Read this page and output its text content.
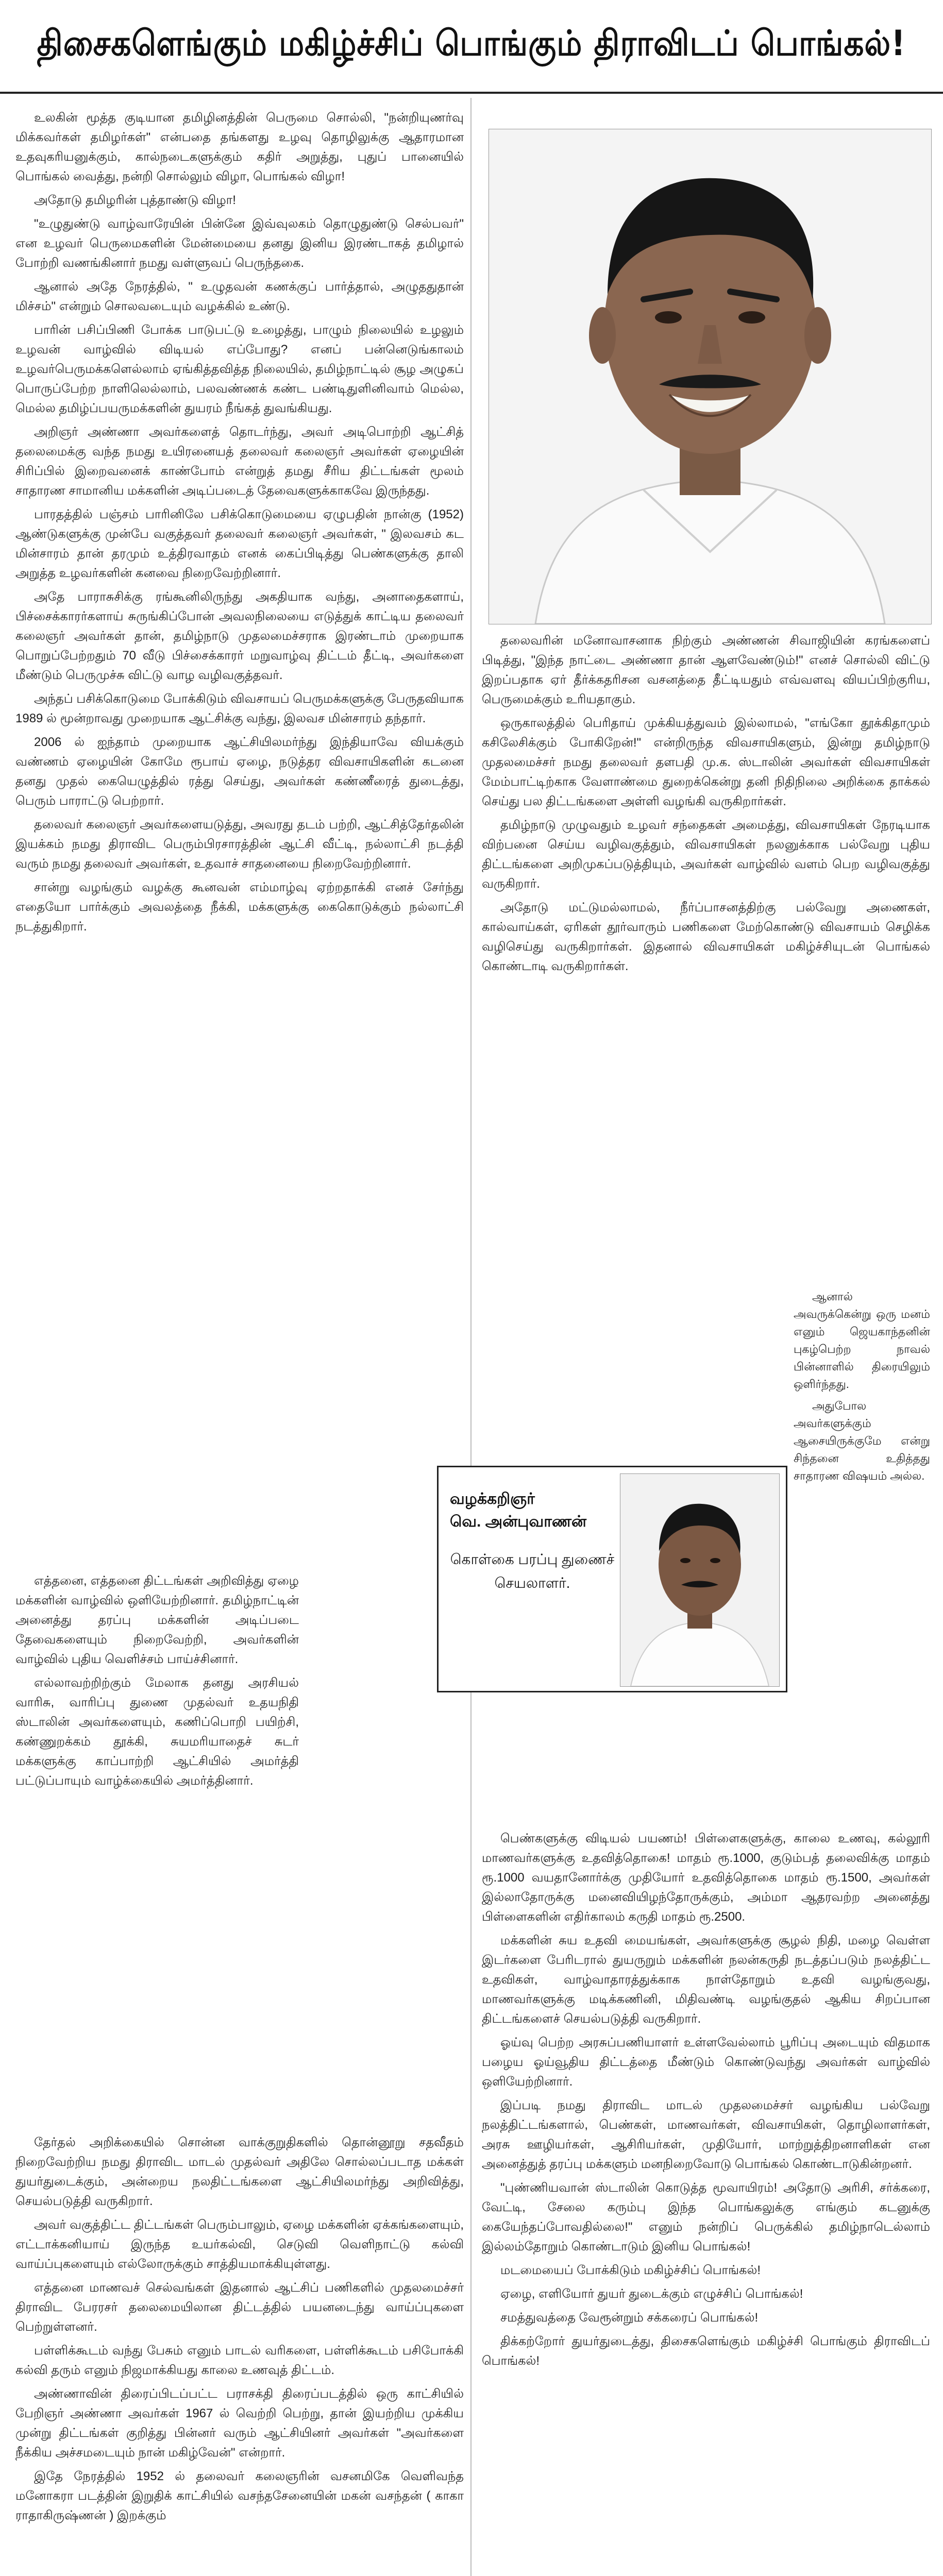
திசைகளெங்கும் மகிழ்ச்சிப் பொங்கும் திராவிடப் பொங்கல்!

உலகின் மூத்த குடியான தமிழினத்தின் பெருமை சொல்லி, "நன்றியுணர்வு மிக்கவர்கள் தமிழர்கள்" என்பதை தங்களது உழவு தொழிலுக்கு ஆதாரமான உதவுகரியனுக்கும், கால்நடைகளுக்கும் கதிர் அறுத்து, புதுப் பானையில் பொங்கல் வைத்து, நன்றி சொல்லும் விழா, பொங்கல் விழா!

அதோடு தமிழரின் புத்தாண்டு விழா!

"உழுதுண்டு வாழ்வாரேயின் பின்னே இவ்வுலகம் தொழுதுண்டு செல்பவர்" என உழவர் பெருமைகளின் மேன்மையை தனது இனிய இரண்டாகத் தமிழால் போற்றி வணங்கினார் நமது வள்ளுவப் பெருந்தகை.

ஆனால் அதே நேரத்தில், " உழுதவன் கணக்குப் பார்த்தால், அழுததுதான் மிச்சம்" என்றும் சொலவடையும் வழக்கில் உண்டு.

பாரின் பசிப்பிணி போக்க பாடுபட்டு உழைத்து, பாழும் நிலையில் உழலும் உழவன் வாழ்வில் விடியல் எப்போது? எனப் பன்னெடுங்காலம் உழவர்பெருமக்களெல்லாம் ஏங்கித்தவித்த நிலையில், தமிழ்நாட்டில் சூழ அழுகப் பொருப்பேற்ற நாளிலெல்லாம், பலவண்ணக் கண்ட பண்டிதுளினிவாம் மெல்ல, மெல்ல தமிழ்ப்பயருமக்களின் துயரம் நீங்கத் துவங்கியது.

அறிஞர் அண்ணா அவர்களைத் தொடர்ந்து, அவர் அடிபொற்றி ஆட்சித் தலைமைக்கு வந்த நமது உயிரனையத் தலைவர் கலைஞர் அவர்கள் ஏழையின் சிரிப்பில் இறைவனைக் காண்போம் என்றுத் தமது சீரிய திட்டங்கள் மூலம் சாதாரண சாமானிய மக்களின் அடிப்படைத் தேவைகளுக்காகவே இருந்தது.

பாரதத்தில் பஞ்சம் பாரினிலே பசிக்கொடுமையை ஏழுபதின் நான்கு (1952) ஆண்டுகளுக்கு முன்பே வகுத்தவர் தலைவர் கலைஞர் அவர்கள், " இலவசம் கட மின்சாரம் தான் தரமும் உத்திரவாதம் எனக் கைப்பிடித்து பெண்களுக்கு தாலி அறுத்த உழவர்களின் கனவை நிறைவேற்றினார்.

அதே பாராசுசிக்கு ரங்கூனிலிருந்து அகதியாக வந்து, அனாதைகளாய், பிச்சைக்காரர்களாய் சுருங்கிப்போன் அவலநிலையை எடுத்துக் காட்டிய தலைவர் கலைஞர் அவர்கள் தான், தமிழ்நாடு முதலமைச்சராக இரண்டாம் முறையாக பொறுப்பேற்றதும் 70 வீடு பிச்சைக்காரர் மறுவாழ்வு திட்டம் தீட்டி, அவர்களை மீண்டும் பெருமுச்சு விட்டு வாழ வழிவகுத்தவர்.

அந்தப் பசிக்கொடுமை போக்கிடும் விவசாயப் பெருமக்களுக்கு பேருதவியாக 1989 ல் மூன்றாவது முறையாக ஆட்சிக்கு வந்து, இலவச மின்சாரம் தந்தார்.

2006 ல் ஐந்தாம் முறையாக ஆட்சியிலமர்ந்து இந்தியாவே வியக்கும் வண்ணம் ஏழையின் கோமே ரூபாய் ஏழை, நடுத்தர விவசாயிகளின் கடனை தனது முதல் கையெழுத்தில் ரத்து செய்து, அவர்கள் கண்ணீரைத் துடைத்து, பெரும் பாராட்டு பெற்றார்.

தலைவர் கலைஞர் அவர்களையடுத்து, அவரது தடம் பற்றி, ஆட்சித்தேர்தலின் இயக்கம் நமது திராவிட பெரும்பிரசாரத்தின் ஆட்சி வீட்டி, நல்லாட்சி நடத்தி வரும் நமது தலைவர் அவர்கள், உதவாச் சாதனையை நிறைவேற்றினார்.

சான்று வழங்கும் வழக்கு கூனவன் எம்மாழ்வு ஏற்றதாக்கி எனச் சேர்ந்து எதையோ பார்க்கும் அவலத்தை நீக்கி, மக்களுக்கு கைகொடுக்கும் நல்லாட்சி நடத்துகிறார்.

எத்தனை, எத்தனை திட்டங்கள் அறிவித்து ஏழை மக்களின் வாழ்வில் ஒளியேற்றினார். தமிழ்நாட்டின் அனைத்து தரப்பு மக்களின் அடிப்படை தேவைகளையும் நிறைவேற்றி, அவர்களின் வாழ்வில் புதிய வெளிச்சம் பாய்ச்சினார்.

எல்லாவற்றிற்கும் மேலாக தனது அரசியல் வாரிசு, வாரிப்பு துணை முதல்வர் உதயநிதி ஸ்டாலின் அவர்களையும், கணிப்பொறி பயிற்சி, கண்ணுறக்கம் தூக்கி, சுயமரியாதைச் சுடர் மக்களுக்கு காப்பாற்றி ஆட்சியில் அமர்த்தி பட்டுப்பாயும் வாழ்க்கையில் அமர்த்தினார்.

தேர்தல் அறிக்கையில் சொன்ன வாக்குறுதிகளில் தொன்னூறு சதவீதம் நிறைவேற்றிய நமது திராவிட மாடல் முதல்வர் அதிலே சொல்லப்படாத மக்கள் துயர்துடைக்கும், அன்றைய நலதிட்டங்களை ஆட்சியிலமர்ந்து அறிவித்து, செயல்படுத்தி வருகிறார்.

அவர் வகுத்திட்ட திட்டங்கள் பெரும்பாலும், ஏழை மக்களின் ஏக்கங்களையும், எட்டாக்கனியாய் இருந்த உயர்கல்வி, செடுவி வெளிநாட்டு கல்வி வாய்ப்புகளையும் எல்லோருக்கும் சாத்தியமாக்கியுள்ளது.

எத்தனை மாணவச் செல்வங்கள் இதனால் ஆட்சிப் பணிகளில் முதலமைச்சர் திராவிட பேரரசர் தலைமையிலான திட்டத்தில் பயனடைந்து வாய்ப்புகளை பெற்றுள்ளனர்.

பள்ளிக்கூடம் வந்து பேசும் எனும் பாடல் வரிகளை, பள்ளிக்கூடம் பசிபோக்கி கல்வி தரும் எனும் நிஜமாக்கியது காலை உணவுத் திட்டம்.

அண்ணாவின் திரைப்பிடப்பட்ட பராசக்தி திரைப்படத்தில் ஒரு காட்சியில் பேறிஞர் அண்ணா அவர்கள் 1967 ல் வெற்றி பெற்று, தான் இயற்றிய முக்கிய முன்று திட்டங்கள் குறித்து பின்னர் வரும் ஆட்சியினர் அவர்கள் "அவர்களை நீக்கிய அச்சமடையும் நான் மகிழ்வேன்" என்றார்.

இதே நேரத்தில் 1952 ல் தலைவர் கலைஞரின் வசனமிகே வெளிவந்த மனோகரா படத்தின் இறுதிக் காட்சியில் வசந்தசேனையின் மகன் வசந்தன் ( காகா ராதாகிருஷ்ணன் ) இறக்கும்

தலைவரின் மனோவாசனாக நிற்கும் அண்ணன் சிவாஜியின் கரங்களைப் பிடித்து, "இந்த நாட்டை அண்ணா தான் ஆளவேண்டும்!" எனச் சொல்லி விட்டு இறப்பதாக ஏர் தீர்க்கதரிசன வசனத்தை தீட்டியதும் எவ்வளவு வியப்பிற்குரிய, பெருமைக்கும் உரியதாகும்.

ஒருகாலத்தில் பெரிதாய் முக்கியத்துவம் இல்லாமல், "எங்கோ தூக்கிதாமும் கசிலேசிக்கும் போகிறேன்!" என்றிருந்த விவசாயிகளும், இன்று தமிழ்நாடு முதலமைச்சர் நமது தலைவர் தளபதி மு.க. ஸ்டாலின் அவர்கள் விவசாயிகள் மேம்பாட்டிற்காக வேளாண்மை துறைக்கென்று தனி நிதிநிலை அறிக்கை தாக்கல் செய்து பல திட்டங்களை அள்ளி வழங்கி வருகிறார்கள்.

தமிழ்நாடு முழுவதும் உழவர் சந்தைகள் அமைத்து, விவசாயிகள் நேரடியாக விற்பனை செய்ய வழிவகுத்தும், விவசாயிகள் நலனுக்காக பல்வேறு புதிய திட்டங்களை அறிமுகப்படுத்தியும், அவர்கள் வாழ்வில் வளம் பெற வழிவகுத்து வருகிறார்.

அதோடு மட்டுமல்லாமல், நீர்ப்பாசனத்திற்கு பல்வேறு அணைகள், கால்வாய்கள், ஏரிகள் தூர்வாரும் பணிகளை மேற்கொண்டு விவசாயம் செழிக்க வழிசெய்து வருகிறார்கள். இதனால் விவசாயிகள் மகிழ்ச்சியுடன் பொங்கல் கொண்டாடி வருகிறார்கள்.

வழக்கறிஞர்

வெ. அன்புவாணன்

கொள்கை பரப்பு துணைச் செயலாளர்.

ஆனால் அவருக்கென்று ஒரு மனம் எனும் ஜெயகாந்தனின் புகழ்பெற்ற நாவல் பின்னாளில் திரையிலும் ஒளிர்ந்தது.

அதுபோல அவர்களுக்கும் ஆசையிருக்குமே என்று சிந்தனை உதித்தது சாதாரண விஷயம் அல்ல.

பெண்களுக்கு விடியல் பயணம்! பிள்ளைகளுக்கு, காலை உணவு, கல்லூரி மாணவர்களுக்கு உதவித்தொகை! மாதம் ரூ.1000, குடும்பத் தலைவிக்கு மாதம் ரூ.1000 வயதானோர்க்கு முதியோர் உதவித்தொகை மாதம் ரூ.1500, அவர்கள் இல்லாதோருக்கு மனைவியிழந்தோருக்கும், அம்மா ஆதரவற்ற அனைத்து பிள்ளைகளின் எதிர்காலம் கருதி மாதம் ரூ.2500.

மக்களின் சுய உதவி மையங்கள், அவர்களுக்கு சூழல் நிதி, மழை வெள்ள இடர்களை பேரிடரால் துயருறும் மக்களின் நலன்கருதி நடத்தப்படும் நலத்திட்ட உதவிகள், வாழ்வாதாரத்துக்காக நாள்தோறும் உதவி வழங்குவது, மாணவர்களுக்கு மடிக்கணினி, மிதிவண்டி வழங்குதல் ஆகிய சிறப்பான திட்டங்களைச் செயல்படுத்தி வருகிறார்.

ஓய்வு பெற்ற அரசுப்பணியாளர் உள்ளவேல்லாம் பூரிப்பு அடையும் விதமாக பழைய ஓய்வூதிய திட்டத்தை மீண்டும் கொண்டுவந்து அவர்கள் வாழ்வில் ஒளியேற்றினார்.

இப்படி நமது திராவிட மாடல் முதலமைச்சர் வழங்கிய பல்வேறு நலத்திட்டங்களால், பெண்கள், மாணவர்கள், விவசாயிகள், தொழிலாளர்கள், அரசு ஊழியர்கள், ஆசிரியர்கள், முதியோர், மாற்றுத்திறனாளிகள் என அனைத்துத் தரப்பு மக்களும் மனநிறைவோடு பொங்கல் கொண்டாடுகின்றனர்.

"புண்ணியவான் ஸ்டாலின் கொடுத்த மூவாயிரம்! அதோடு அரிசி, சர்க்கரை, வேட்டி, சேலை கரும்பு இந்த பொங்கலுக்கு எங்கும் கடனுக்கு கையேந்தப்போவதில்லை!" எனும் நன்றிப் பெருக்கில் தமிழ்நாடெல்லாம் இல்லம்தோறும் கொண்டாடும் இனிய பொங்கல்!

மடமையைப் போக்கிடும் மகிழ்ச்சிப் பொங்கல்!

ஏழை, எளியோர் துயர் துடைக்கும் எழுச்சிப் பொங்கல்!

சமத்துவத்தை வேரூன்றும் சக்கரைப் பொங்கல்!

திக்கற்றோர் துயர்துடைத்து, திசைகளெங்கும் மகிழ்ச்சி பொங்கும் திராவிடப் பொங்கல்!
